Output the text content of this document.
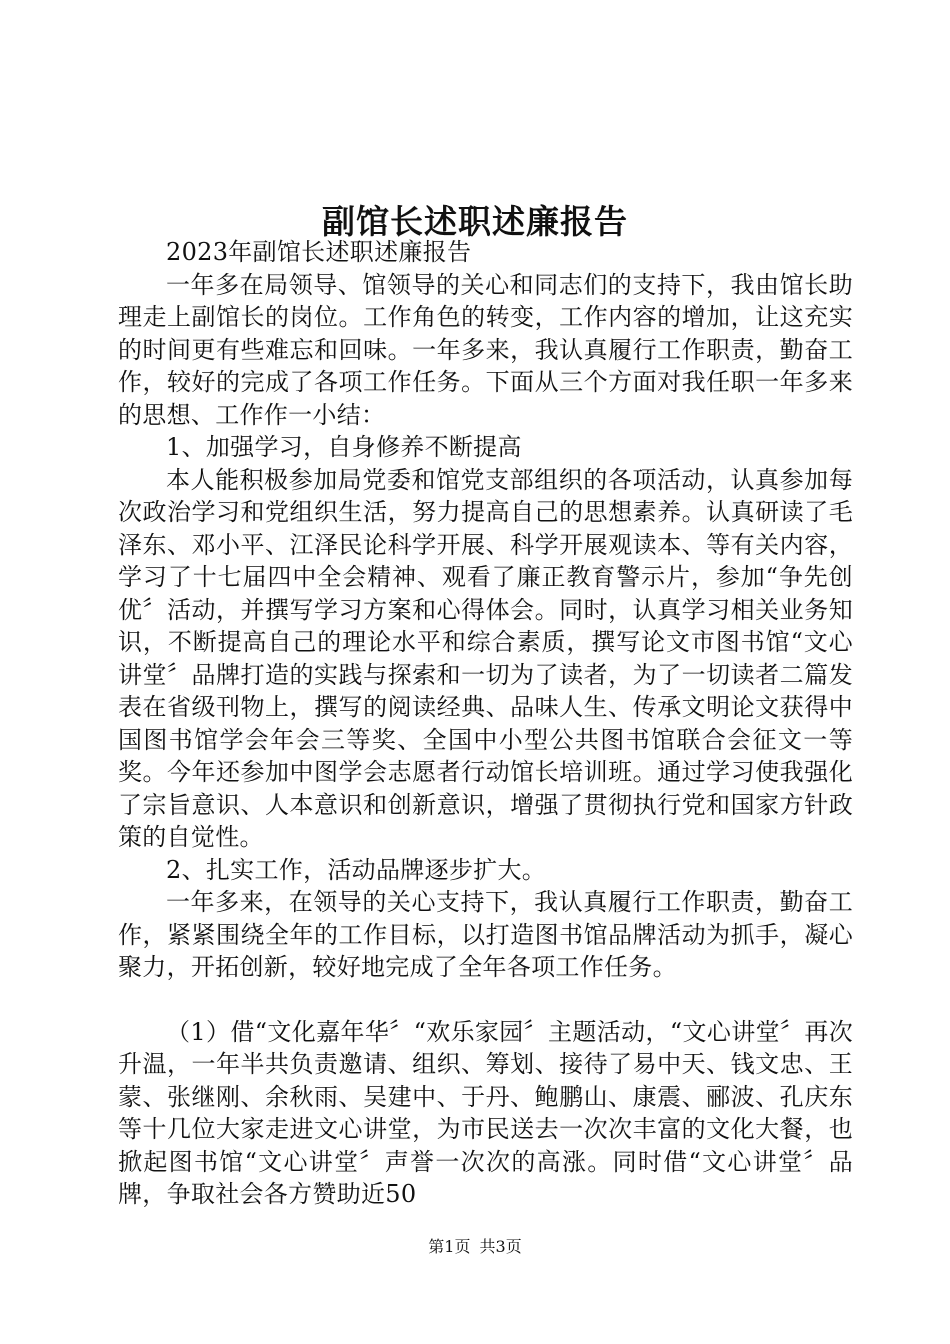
副馆长述职述廉报告

2023年副馆长述职述廉报告

一年多在局领导、馆领导的关心和同志们的支持下，我由馆长助理走上副馆长的岗位。工作角色的转变，工作内容的增加，让这充实的时间更有些难忘和回味。一年多来，我认真履行工作职责，勤奋工作，较好的完成了各项工作任务。下面从三个方面对我任职一年多来的思想、工作作一小结：

1、加强学习，自身修养不断提高

本人能积极参加局党委和馆党支部组织的各项活动，认真参加每次政治学习和党组织生活，努力提高自己的思想素养。认真研读了毛泽东、邓小平、江泽民论科学开展、科学开展观读本、等有关内容，学习了十七届四中全会精神、观看了廉正教育警示片，参加“争先创优〞活动，并撰写学习方案和心得体会。同时，认真学习相关业务知识，不断提高自己的理论水平和综合素质，撰写论文市图书馆“文心讲堂〞品牌打造的实践与探索和一切为了读者，为了一切读者二篇发表在省级刊物上，撰写的阅读经典、品味人生、传承文明论文获得中国图书馆学会年会三等奖、全国中小型公共图书馆联合会征文一等奖。今年还参加中图学会志愿者行动馆长培训班。通过学习使我强化了宗旨意识、人本意识和创新意识，增强了贯彻执行党和国家方针政策的自觉性。

2、扎实工作，活动品牌逐步扩大。

一年多来，在领导的关心支持下，我认真履行工作职责，勤奋工作，紧紧围绕全年的工作目标，以打造图书馆品牌活动为抓手，凝心聚力，开拓创新，较好地完成了全年各项工作任务。

（1）借“文化嘉年华〞“欢乐家园〞主题活动，“文心讲堂〞再次升温，一年半共负责邀请、组织、筹划、接待了易中天、钱文忠、王蒙、张继刚、余秋雨、吴建中、于丹、鲍鹏山、康震、郦波、孔庆东等十几位大家走进文心讲堂，为市民送去一次次丰富的文化大餐，也掀起图书馆“文心讲堂〞声誉一次次的高涨。同时借“文心讲堂〞品牌，争取社会各方赞助近50

第1页 共3页
